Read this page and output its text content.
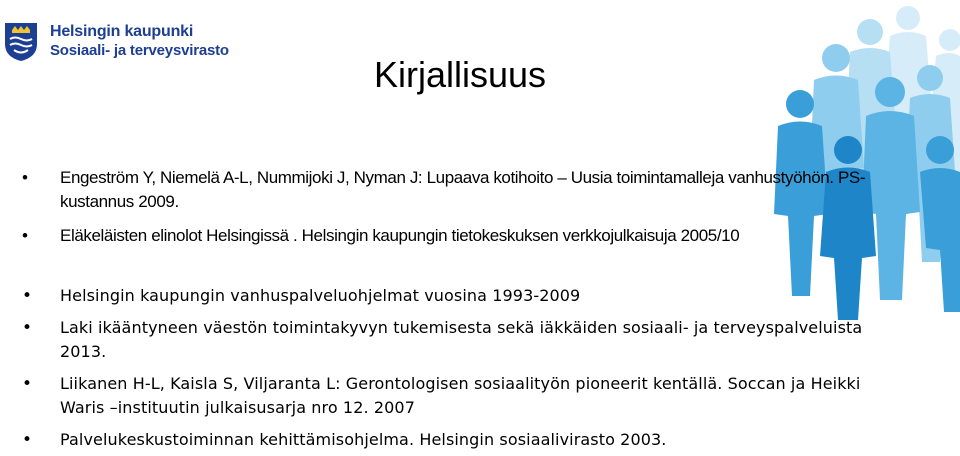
Helsingin kaupunki
Sosiaali- ja terveysvirasto
Kirjallisuus
• Engeström Y, Niemelä A-L, Nummijoki J, Nyman J: Lupaava kotihoito – Uusia toimintamalleja vanhustyöhön. PS-kustannus 2009.
• Eläkeläisten elinolot Helsingissä . Helsingin kaupungin tietokeskuksen verkkojulkaisuja 2005/10
• Helsingin kaupungin vanhuspalveluohjelmat vuosina 1993-2009
• Laki ikääntyneen väestön toimintakyvyn tukemisesta sekä iäkkäiden sosiaali- ja terveyspalveluista 2013.
• Liikanen H-L, Kaisla S, Viljaranta L: Gerontologisen sosiaalityön pioneerit kentällä. Soccan ja Heikki Waris –instituutin julkaisusarja nro 12. 2007
• Palvelukeskustoiminnan kehittämisohjelma. Helsingin sosiaalivirasto 2003.
